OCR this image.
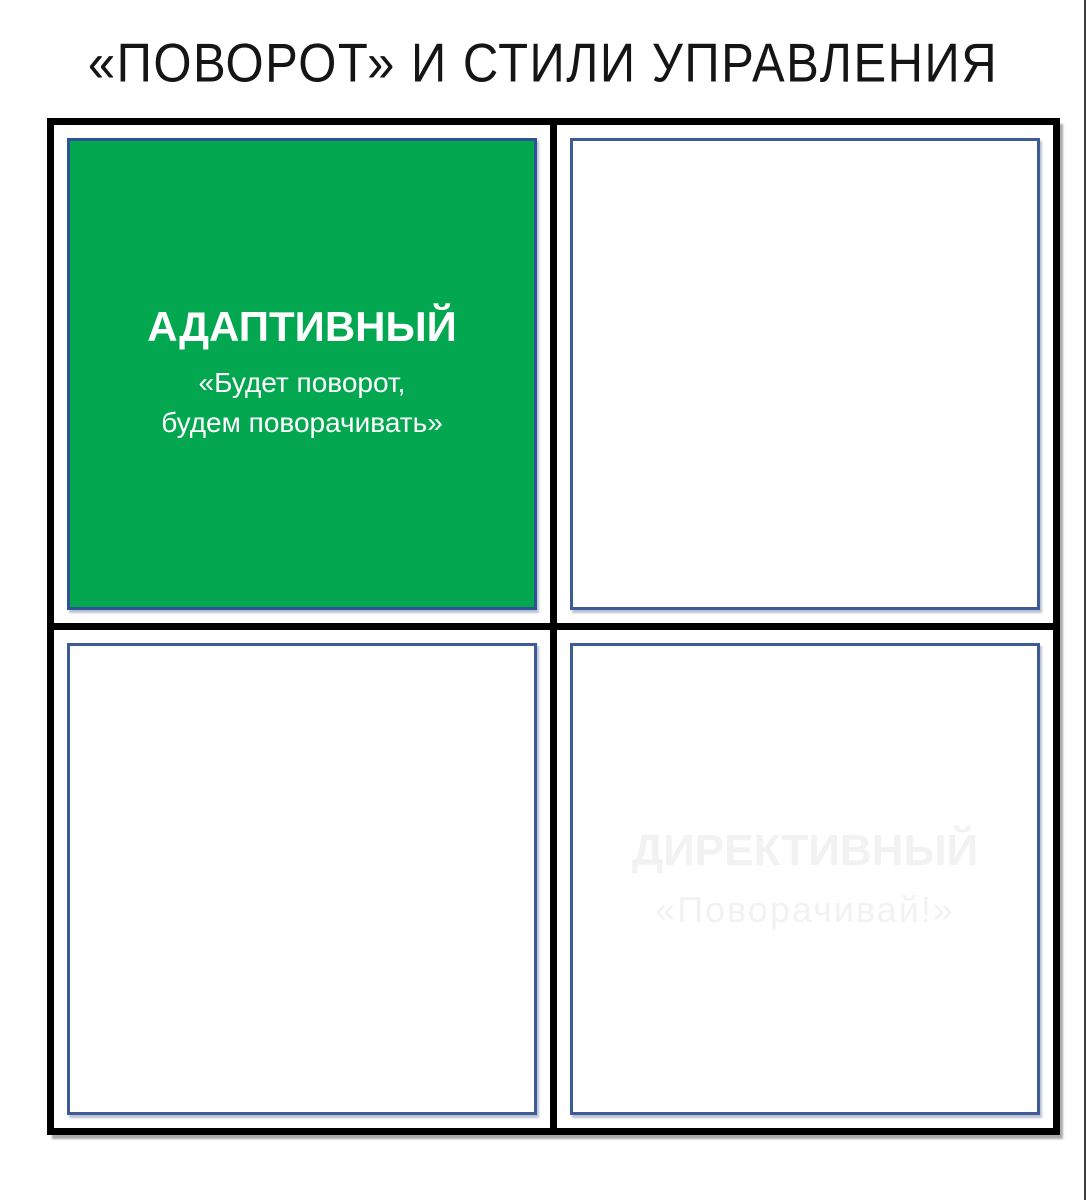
«ПОВОРОТ» И СТИЛИ УПРАВЛЕНИЯ
АДАПТИВНЫЙ
«Будет поворот,
будем поворачивать»
ДИРЕКТИВНЫЙ
«Поворачивай!»
